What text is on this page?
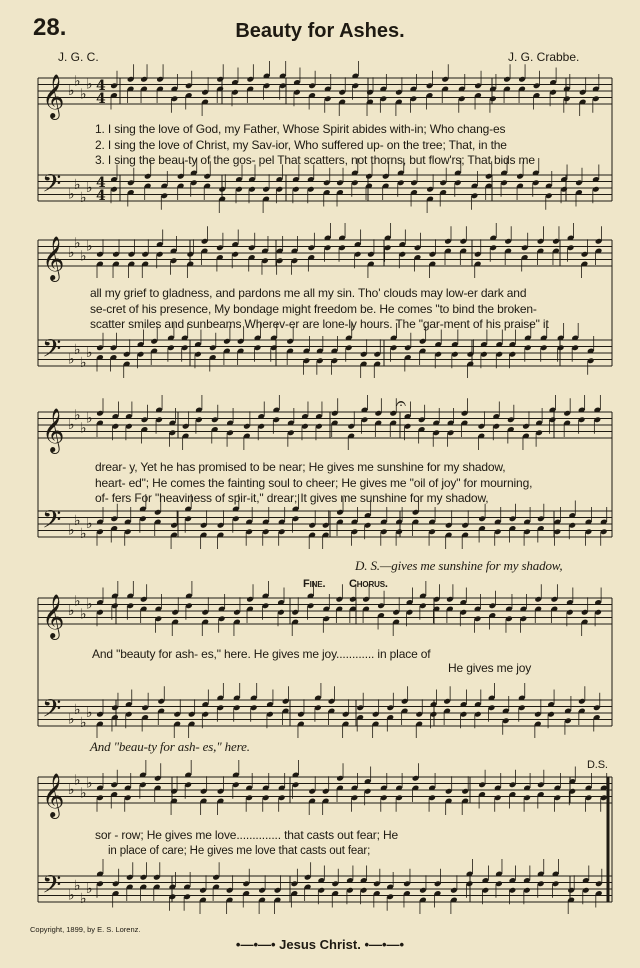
28.	Beauty for Ashes.
J. G. C.	J. G. Crabbe.
𝄞
𝄢
♭
♭
♭
♭
♭
♭
♭
♭
4
4
4
4
𝄞
𝄢
♭
♭
♭
♭
♭
♭
♭
♭
𝄞
𝄢
♭
♭
♭
♭
♭
♭
♭
♭
𝄞
𝄢
♭
♭
♭
♭
♭
♭
♭
♭
𝄞
𝄢
♭
♭
♭
♭
♭
♭
♭
♭
1. I sing the love of God, my Father, Whose Spirit abides with-in; Who chang-es
2. I sing the love of Christ, my Sav-ior, Who suffered up- on the tree; That, in the
3. I sing the beau-ty of the gos- pel That scatters, not thorns, but flow'rs; That bids me
all my grief to gladness, and pardons me all my sin. Tho' clouds may low-er dark and
se-cret of his presence, My bondage might freedom be. He comes "to bind the broken-
scatter smiles and sunbeams Wherev-er are lone-ly hours. The "gar-ment of his praise" it
𝄐
drear- y, Yet he has promised to be near; He gives me sunshine for my shadow,
heart- ed"; He comes the fainting soul to cheer; He gives me "oil of joy" for mourning,
of- fers For "heaviness of spir-it," drear; It gives me sunshine for my shadow,
D. S.—gives me sunshine for my shadow,
Fine. Chorus.
And "beauty for ash- es," here. He gives me joy............ in place of
He gives me joy
And "beau-ty for ash- es," here.
D.S.
sor - row; He gives me love.............. that casts out fear; He
in place of care; He gives me love that casts out fear;
Copyright, 1899, by E. S. Lorenz.
•—•—• Jesus Christ. •—•—•
